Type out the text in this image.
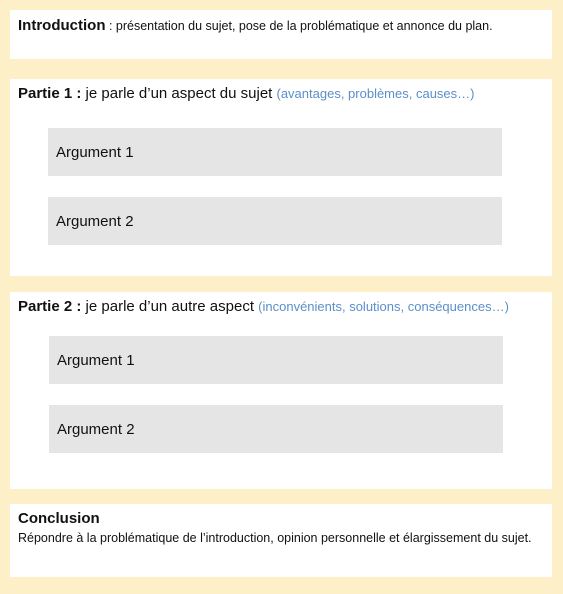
Introduction : présentation du sujet, pose de la problématique et annonce du plan.
Partie 1 : je parle d’un aspect du sujet (avantages, problèmes, causes…)
Argument 1
Argument 2
Partie 2 : je parle d’un autre aspect (inconvénients, solutions, conséquences…)
Argument 1
Argument 2
Conclusion
Répondre à la problématique de l’introduction, opinion personnelle et élargissement du sujet.
